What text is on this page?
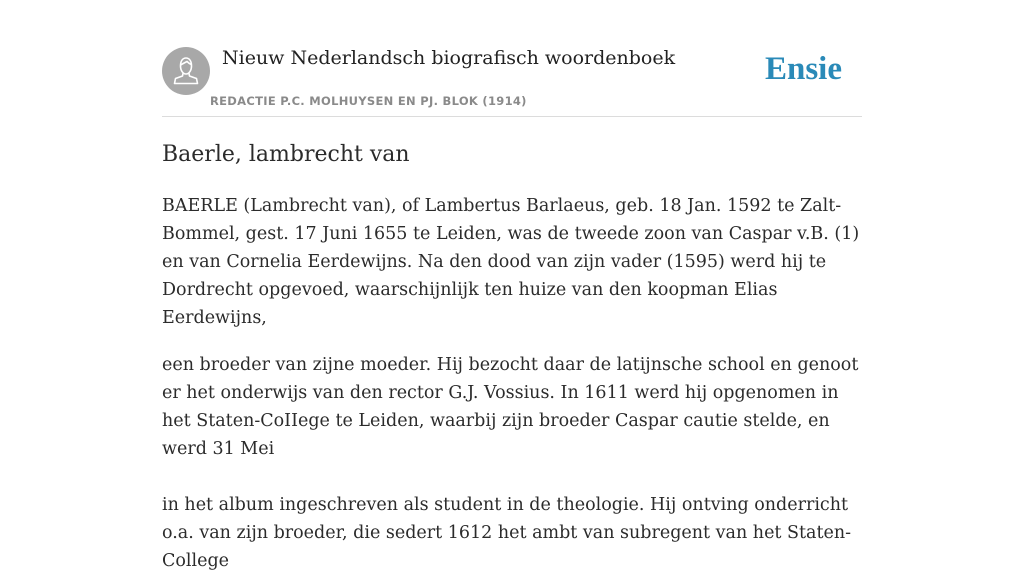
Nieuw Nederlandsch biografisch woordenboek
REDACTIE P.C. MOLHUYSEN EN PJ. BLOK (1914)
Ensie
Baerle, lambrecht van

BAERLE (Lambrecht van), of Lambertus Barlaeus, geb. 18 Jan. 1592 te Zalt-Bommel, gest. 17 Juni 1655 te Leiden, was de tweede zoon van Caspar v.B. (1) en van Cornelia Eerdewijns. Na den dood van zijn vader (1595) werd hij te Dordrecht opgevoed, waarschijnlijk ten huize van den koopman Elias Eerdewijns,

een broeder van zijne moeder. Hij bezocht daar de latijnsche school en genoot er het onderwijs van den rector G.J. Vossius. In 1611 werd hij opgenomen in het Staten-CoIIege te Leiden, waarbij zijn broeder Caspar cautie stelde, en werd 31 Mei

in het album ingeschreven als student in de theologie. Hij ontving onderricht o.a. van zijn broeder, die sedert 1612 het ambt van subregent van het Staten-College
